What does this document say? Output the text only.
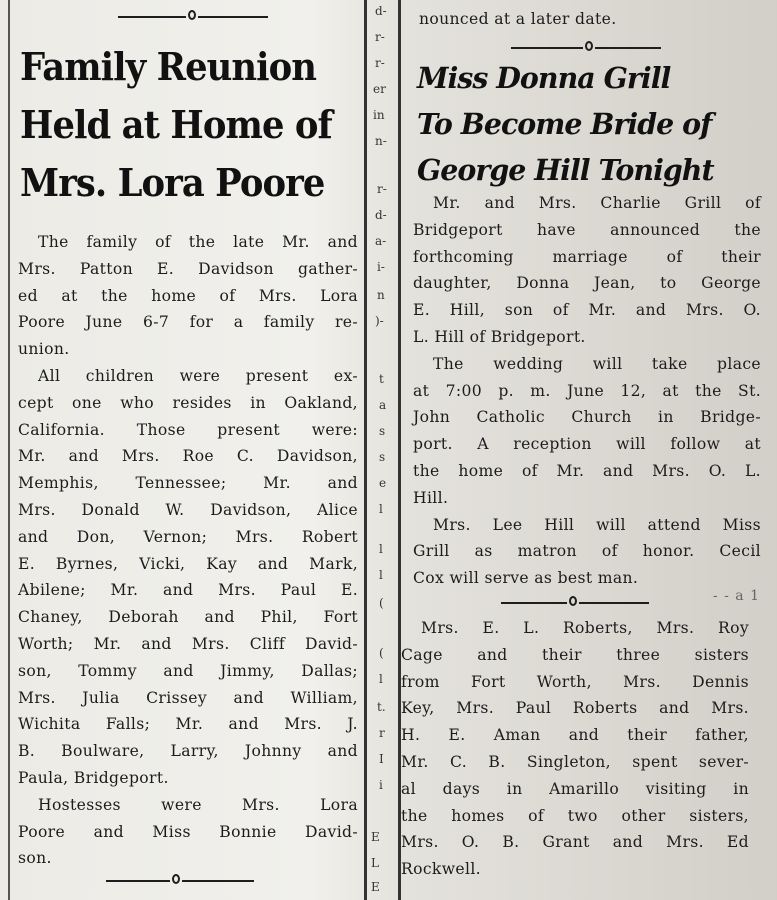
Family Reunion
Held at Home of
Mrs. Lora Poore

The family of the late Mr. and

Mrs. Patton E. Davidson gather-

ed at the home of Mrs. Lora

Poore June 6-7 for a family re-

union.

All children were present ex-

cept one who resides in Oakland,

California. Those present were:

Mr. and Mrs. Roe C. Davidson,

Memphis, Tennessee; Mr. and

Mrs. Donald W. Davidson, Alice

and Don, Vernon; Mrs. Robert

E. Byrnes, Vicki, Kay and Mark,

Abilene; Mr. and Mrs. Paul E.

Chaney, Deborah and Phil, Fort

Worth; Mr. and Mrs. Cliff David-

son, Tommy and Jimmy, Dallas;

Mrs. Julia Crissey and William,

Wichita Falls; Mr. and Mrs. J.

B. Boulware, Larry, Johnny and

Paula, Bridgeport.

Hostesses were Mrs. Lora

Poore and Miss Bonnie David-

son.

d-
r-
r-
er
in
n-
r-
d-
a-
i-
n
)-
t
a
s
s
e
l
l
l
(
(
l
t.
r
I
i
E
L
E

nounced at a later date.

Miss Donna Grill
To Become Bride of
George Hill Tonight

Mr. and Mrs. Charlie Grill of

Bridgeport have announced the

forthcoming marriage of their

daughter, Donna Jean, to George

E. Hill, son of Mr. and Mrs. O.

L. Hill of Bridgeport.

The wedding will take place

at 7:00 p. m. June 12, at the St.

John Catholic Church in Bridge-

port. A reception will follow at

the home of Mr. and Mrs. O. L.

Hill.

Mrs. Lee Hill will attend Miss

Grill as matron of honor. Cecil

Cox will serve as best man.

- - a 1

Mrs. E. L. Roberts, Mrs. Roy

Cage and their three sisters

from Fort Worth, Mrs. Dennis

Key, Mrs. Paul Roberts and Mrs.

H. E. Aman and their father,

Mr. C. B. Singleton, spent sever-

al days in Amarillo visiting in

the homes of two other sisters,

Mrs. O. B. Grant and Mrs. Ed

Rockwell.
